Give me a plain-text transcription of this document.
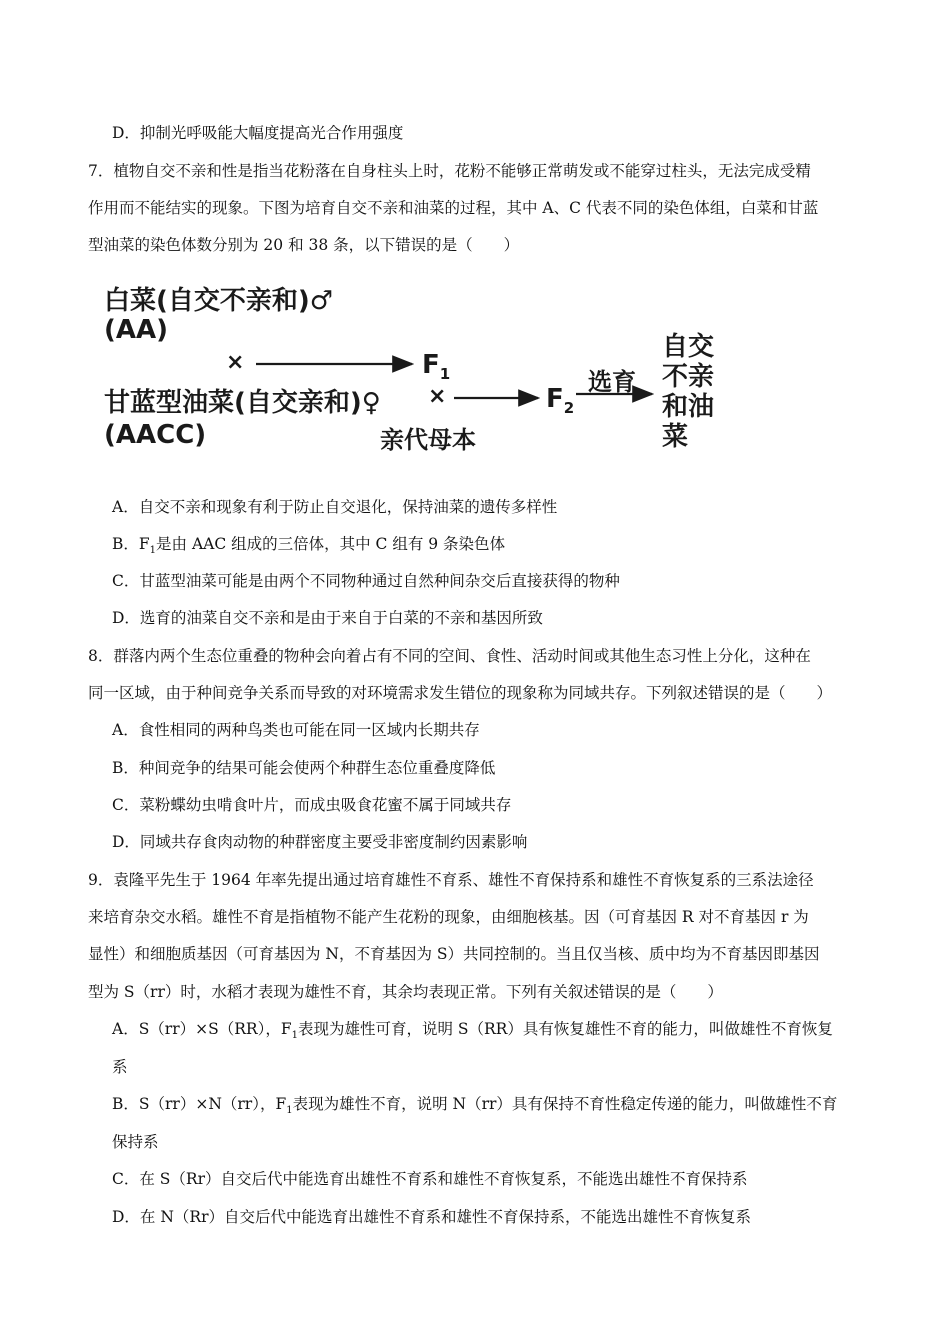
D．抑制光呼吸能大幅度提高光合作用强度
7．植物自交不亲和性是指当花粉落在自身柱头上时，花粉不能够正常萌发或不能穿过柱头，无法完成受精
作用而不能结实的现象。下图为培育自交不亲和油菜的过程，其中 A、C 代表不同的染色体组，白菜和甘蓝
型油菜的染色体数分别为 20 和 38 条，以下错误的是（　　）
白菜(自交不亲和)♂
(AA)
×
甘蓝型油菜(自交亲和)♀
(AACC)
$F_1$
×
亲代母本
$F_2$
选育
自交
不亲
和油
菜
A．自交不亲和现象有利于防止自交退化，保持油菜的遗传多样性
B．$F_1$是由 AAC 组成的三倍体，其中 C 组有 9 条染色体
C．甘蓝型油菜可能是由两个不同物种通过自然种间杂交后直接获得的物种
D．选育的油菜自交不亲和是由于来自于白菜的不亲和基因所致
8．群落内两个生态位重叠的物种会向着占有不同的空间、食性、活动时间或其他生态习性上分化，这种在
同一区域，由于种间竞争关系而导致的对环境需求发生错位的现象称为同域共存。下列叙述错误的是（　　）
A．食性相同的两种鸟类也可能在同一区域内长期共存
B．种间竞争的结果可能会使两个种群生态位重叠度降低
C．菜粉蝶幼虫啃食叶片，而成虫吸食花蜜不属于同域共存
D．同域共存食肉动物的种群密度主要受非密度制约因素影响
9．袁隆平先生于 1964 年率先提出通过培育雄性不育系、雄性不育保持系和雄性不育恢复系的三系法途径
来培育杂交水稻。雄性不育是指植物不能产生花粉的现象，由细胞核基。因（可育基因 R 对不育基因 r 为
显性）和细胞质基因（可育基因为 N，不育基因为 S）共同控制的。当且仅当核、质中均为不育基因即基因
型为 S（rr）时，水稻才表现为雄性不育，其余均表现正常。下列有关叙述错误的是（　　）
A．S（rr）×S（RR），$F_1$表现为雄性可育，说明 S（RR）具有恢复雄性不育的能力，叫做雄性不育恢复
系
B．S（rr）×N（rr），$F_1$表现为雄性不育，说明 N（rr）具有保持不育性稳定传递的能力，叫做雄性不育
保持系
C．在 S（Rr）自交后代中能选育出雄性不育系和雄性不育恢复系，不能选出雄性不育保持系
D．在 N（Rr）自交后代中能选育出雄性不育系和雄性不育保持系，不能选出雄性不育恢复系
